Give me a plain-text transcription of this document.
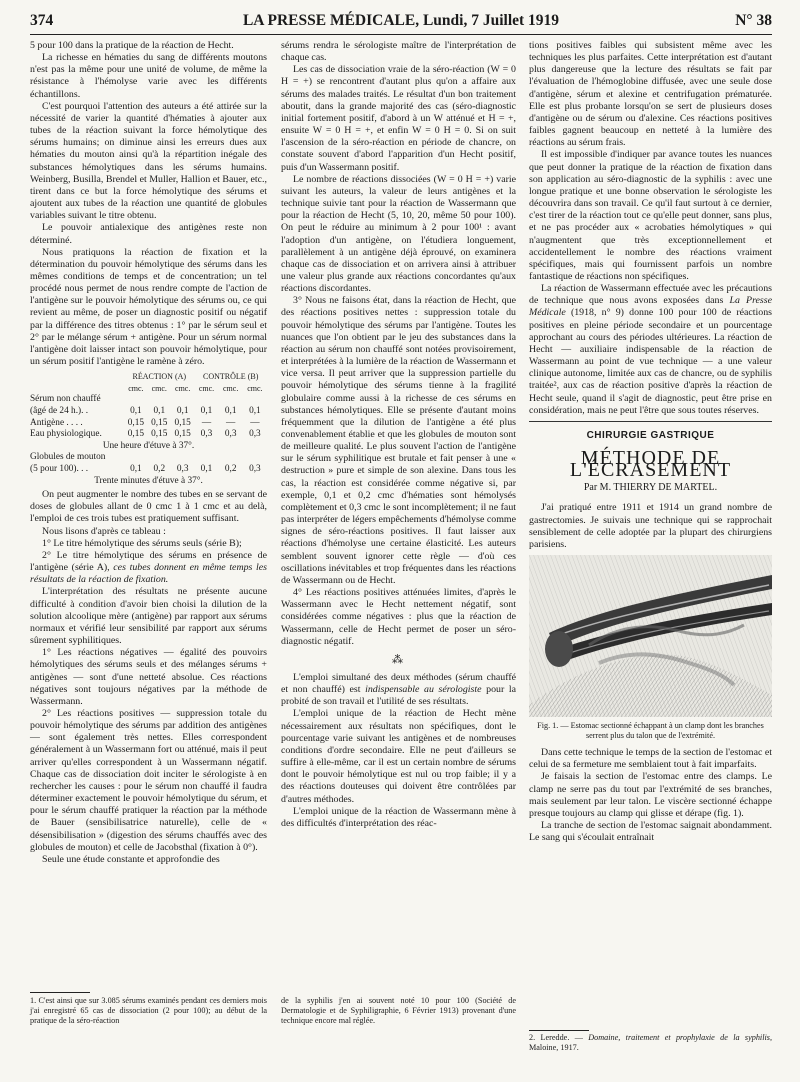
374	LA PRESSE MÉDICALE, Lundi, 7 Juillet 1919	N° 38

5 pour 100 dans la pratique de la réaction de Hecht.

La richesse en hématies du sang de différents moutons n'est pas la même pour une unité de volume, de même la résistance à l'hémolyse varie avec les différents échantillons.

C'est pourquoi l'attention des auteurs a été attirée sur la nécessité de varier la quantité d'hématies à ajouter aux tubes de la réaction suivant la force hémolytique des sérums humains; on diminue ainsi les erreurs dues aux hématies du mouton ainsi qu'à la répartition inégale des substances hémolytiques dans les sérums humains. Weinberg, Busilla, Brendel et Muller, Hallion et Bauer, etc., tirent dans ce but la force hémolytique des sérums et ajoutent aux tubes de la réaction une quantité de globules variables suivant le titre obtenu.

Le pouvoir antialexique des antigènes reste non déterminé.

Nous pratiquons la réaction de fixation et la détermination du pouvoir hémolytique des sérums dans les mêmes conditions de temps et de concentration; un tel procédé nous permet de nous rendre compte de l'action de l'antigène sur le pouvoir hémolytique des sérums ou, ce qui revient au même, de poser un diagnostic positif ou négatif par la différence des titres obtenus : 1° par le sérum seul et 2° par le mélange sérum + antigène. Pour un sérum normal l'antigène doit laisser intact son pouvoir hémolytique, pour un sérum positif l'antigène le ramène à zéro.

	RÉACTION (A)			CONTRÔLE (B)		
	cmc.	cmc.	cmc.	cmc.	cmc.	cmc.
Sérum non chauffé						
(âgé de 24 h.). .	0,1	0,1	0,1	0,1	0,1	0,1
Antigène . . . .	0,15	0,15	0,15	—	—	—
Eau physiologique.	0,15	0,15	0,15	0,3	0,3	0,3
Une heure d'étuve à 37°.						
Globules de mouton						
(5 pour 100). . .	0,1	0,2	0,3	0,1	0,2	0,3
Trente minutes d'étuve à 37°.						

On peut augmenter le nombre des tubes en se servant de doses de globules allant de 0 cmc 1 à 1 cmc et au delà, l'emploi de ces trois tubes est pratiquement suffisant.

Nous lisons d'après ce tableau :

1° Le titre hémolytique des sérums seuls (série B);

2° Le titre hémolytique des sérums en présence de l'antigène (série A), ces tubes donnent en même temps les résultats de la réaction de fixation.

L'interprétation des résultats ne présente aucune difficulté à condition d'avoir bien choisi la dilution de la solution alcoolique mère (antigène) par rapport aux sérums normaux et vérifié leur sensibilité par rapport aux sérums sûrement syphilitiques.

1° Les réactions négatives — égalité des pouvoirs hémolytiques des sérums seuls et des mélanges sérums + antigènes — sont d'une netteté absolue. Ces réactions négatives sont toujours négatives par la méthode de Wassermann.

2° Les réactions positives — suppression totale du pouvoir hémolytique des sérums par addition des antigènes — sont également très nettes. Elles correspondent généralement à un Wassermann fort ou atténué, mais il peut arriver qu'elles correspondent à un Wassermann négatif. Chaque cas de dissociation doit inciter le sérologiste à en rechercher les causes : pour le sérum non chauffé il faudra déterminer exactement le pouvoir hémolytique du sérum, et pour le sérum chauffé pratiquer la réaction par la méthode de Bauer (sensibilisatrice naturelle), celle de « désensibilisation » (digestion des sérums chauffés avec des globules de mouton) et celle de Jacobsthal (fixation à 0°).

Seule une étude constante et approfondie des

sérums rendra le sérologiste maître de l'interprétation de chaque cas.

Les cas de dissociation vraie de la séro-réaction (W = 0 H = +) se rencontrent d'autant plus qu'on a affaire aux sérums des malades traités. Le résultat d'un bon traitement aboutit, dans la grande majorité des cas (séro-diagnostic initial fortement positif, d'abord à un W atténué et H = +, ensuite W = 0 H = +, et enfin W = 0 H = 0. Si on suit l'ascension de la séro-réaction en période de chancre, on constate souvent d'abord l'apparition d'un Hecht positif, puis d'un Wassermann positif.

Le nombre de réactions dissociées (W = 0 H = +) varie suivant les auteurs, la valeur de leurs antigènes et la technique suivie tant pour la réaction de Wassermann que pour la réaction de Hecht (5, 10, 20, même 50 pour 100). On peut le réduire au minimum à 2 pour 100¹ : avant l'adoption d'un antigène, on l'étudiera longuement, parallèlement à un antigène déjà éprouvé, on examinera chaque cas de dissociation et on arrivera ainsi à attribuer une valeur plus grande aux réactions concordantes qu'aux réactions discordantes.

3° Nous ne faisons état, dans la réaction de Hecht, que des réactions positives nettes : suppression totale du pouvoir hémolytique des sérums par l'antigène. Toutes les nuances que l'on obtient par le jeu des substances dans la réaction au sérum non chauffé sont notées provisoirement, et interprétées à la lumière de la réaction de Wassermann et vice versa. Il peut arriver que la suppression partielle du pouvoir hémolytique des sérums tienne à la fragilité globulaire comme aussi à la richesse de ces sérums en substances hémolytiques. Elle se présente d'autant moins fréquemment que la dilution de l'antigène a été plus convenablement établie et que les globules de mouton sont de meilleure qualité. Le plus souvent l'action de l'antigène sur le sérum syphilitique est brutale et fait penser à une « destruction » pure et simple de son alexine. Dans tous les cas, la réaction est considérée comme négative si, par exemple, 0,1 et 0,2 cmc d'hématies sont hémolysés complètement et 0,3 cmc le sont incomplètement; il ne faut pas interpréter de légers empêchements d'hémolyse comme signes de séro-réactions positives. Il faut laisser aux réactions d'hémolyse une certaine élasticité. Les auteurs semblent souvent ignorer cette règle — d'où ces oscillations inévitables et trop fréquentes dans les réactions de Wassermann ou de Hecht.

4° Les réactions positives atténuées limites, d'après le Wassermann avec le Hecht nettement négatif, sont considérées comme négatives : plus que la réaction de Wassermann, celle de Hecht permet de poser un séro-diagnostic négatif.

⁂

L'emploi simultané des deux méthodes (sérum chauffé et non chauffé) est indispensable au sérologiste pour la probité de son travail et l'utilité de ses résultats.

L'emploi unique de la réaction de Hecht mène nécessairement aux résultats non spécifiques, dont le pourcentage varie suivant les antigènes et de nombreuses conditions d'ordre secondaire. Elle ne peut d'ailleurs se suffire à elle-même, car il est un certain nombre de sérums dont le pouvoir hémolytique est nul ou trop faible; il y a des réactions douteuses qui doivent être contrôlées par d'autres méthodes.

L'emploi unique de la réaction de Wassermann mène à des difficultés d'interprétation des réac-

tions positives faibles qui subsistent même avec les techniques les plus parfaites. Cette interprétation est d'autant plus dangereuse que la lecture des résultats se fait par l'évaluation de l'hémoglobine diffusée, avec une seule dose d'antigène, sérum et alexine et centrifugation prématurée. Elle est plus probante lorsqu'on se sert de plusieurs doses d'antigène ou de sérum ou d'alexine. Ces réactions positives faibles gagnent beaucoup en netteté à la lumière des réactions au sérum frais.

Il est impossible d'indiquer par avance toutes les nuances que peut donner la pratique de la réaction de fixation dans son application au séro-diagnostic de la syphilis : avec une longue pratique et une bonne observation le sérologiste les découvrira dans son travail. Ce qu'il faut surtout à ce dernier, c'est tirer de la réaction tout ce qu'elle peut donner, sans plus, et ne pas procéder aux « acrobaties hémolytiques » qui n'augmentent que très exceptionnellement et accidentellement le nombre des réactions vraiment spécifiques, mais qui fournissent parfois un nombre fantastique de réactions non spécifiques.

La réaction de Wassermann effectuée avec les précautions de technique que nous avons exposées dans La Presse Médicale (1918, n° 9) donne 100 pour 100 de réactions positives en pleine période secondaire et un pourcentage approchant au cours des périodes ultérieures. La réaction de Hecht — auxiliaire indispensable de la réaction de Wassermann au point de vue technique — a une valeur clinique autonome, limitée aux cas de chancre, ou de syphilis traitée², aux cas de réaction positive d'après la réaction de Hecht seule, quand il s'agit de diagnostic, peut être prise en considération, mais ne peut l'être que sous toutes réserves.

CHIRURGIE GASTRIQUE
MÉTHODE DE L'ÉCRASEMENT
Par M. THIERRY DE MARTEL.

J'ai pratiqué entre 1911 et 1914 un grand nombre de gastrectomies. Je suivais une technique qui se rapprochait sensiblement de celle adoptée par la plupart des chirurgiens parisiens.

Fig. 1. — Estomac sectionné échappant à un clamp dont les branches serrent plus du talon que de l'extrémité.

Dans cette technique le temps de la section de l'estomac et celui de sa fermeture me semblaient tout à fait imparfaits.

Je faisais la section de l'estomac entre des clamps. Le clamp ne serre pas du tout par l'extrémité de ses branches, mais seulement par leur talon. Le viscère sectionné échappe presque toujours au clamp qui glisse et dérape (fig. 1).

La tranche de section de l'estomac saignait abondamment. Le sang qui s'écoulait entraînait

1. C'est ainsi que sur 3.085 sérums examinés pendant ces derniers mois j'ai enregistré 65 cas de dissociation (2 pour 100); au début de la pratique de la séro-réaction
de la syphilis j'en ai souvent noté 10 pour 100 (Société de Dermatologie et de Syphiligraphie, 6 Février 1913) provenant d'une technique encore mal réglée.
2. Leredde. — Domaine, traitement et prophylaxie de la syphilis, Maloine, 1917.
